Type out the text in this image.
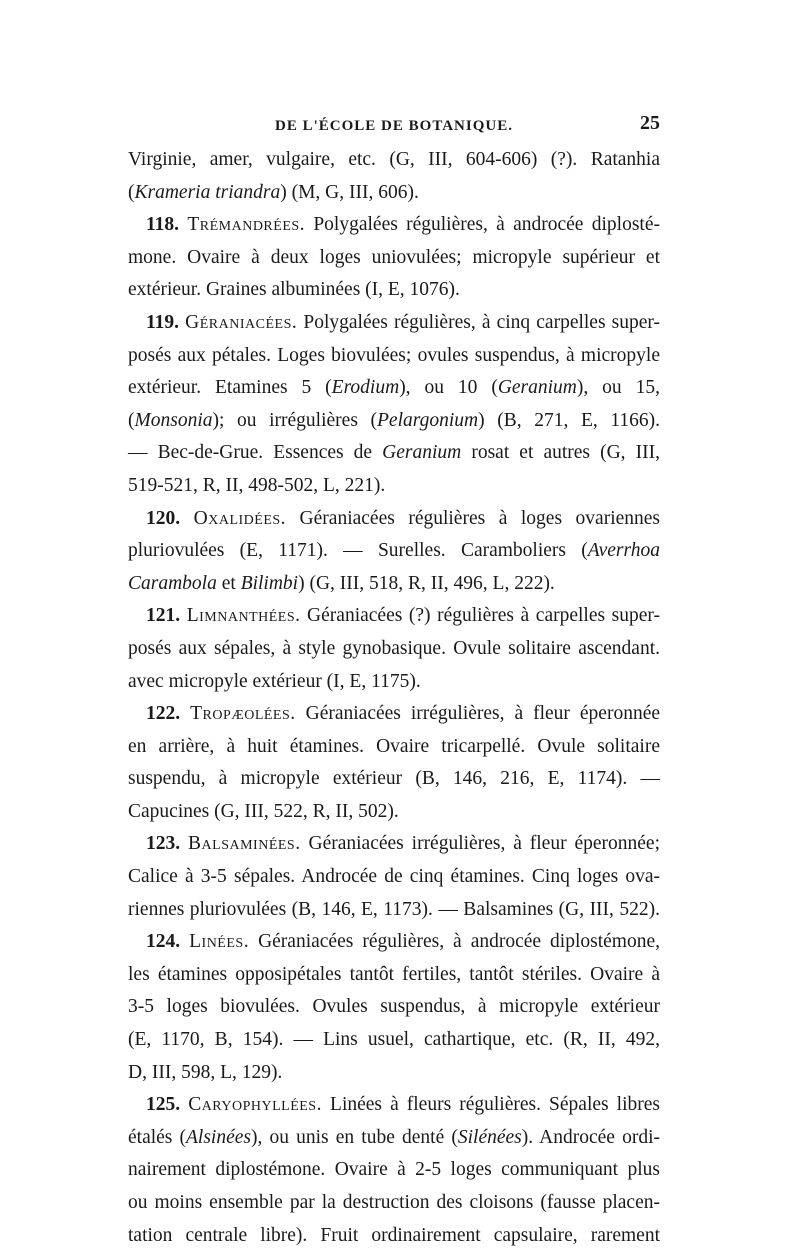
DE L'ÉCOLE DE BOTANIQUE.	25
Virginie, amer, vulgaire, etc. (G, III, 604-606) (?). Ratanhia
(Krameria triandra) (M, G, III, 606).
118. Trémandrées. Polygalées régulières, à androcée diplosté-
mone. Ovaire à deux loges uniovulées; micropyle supérieur et
extérieur. Graines albuminées (I, E, 1076).
119. Géraniacées. Polygalées régulières, à cinq carpelles super-
posés aux pétales. Loges biovulées; ovules suspendus, à micropyle
extérieur. Etamines 5 (Erodium), ou 10 (Geranium), ou 15,
(Monsonia); ou irrégulières (Pelargonium) (B, 271, E, 1166).
— Bec-de-Grue. Essences de Geranium rosat et autres (G, III,
519-521, R, II, 498-502, L, 221).
120. Oxalidées. Géraniacées régulières à loges ovariennes
pluriovulées (E, 1171). — Surelles. Caramboliers (Averrhoa
Carambola et Bilimbi) (G, III, 518, R, II, 496, L, 222).
121. Limnanthées. Géraniacées (?) régulières à carpelles super-
posés aux sépales, à style gynobasique. Ovule solitaire ascendant.
avec micropyle extérieur (I, E, 1175).
122. Tropæolées. Géraniacées irrégulières, à fleur éperonnée
en arrière, à huit étamines. Ovaire tricarpellé. Ovule solitaire
suspendu, à micropyle extérieur (B, 146, 216, E, 1174). —
Capucines (G, III, 522, R, II, 502).
123. Balsaminées. Géraniacées irrégulières, à fleur éperonnée;
Calice à 3-5 sépales. Androcée de cinq étamines. Cinq loges ova-
riennes pluriovulées (B, 146, E, 1173). — Balsamines (G, III, 522).
124. Linées. Géraniacées régulières, à androcée diplostémone,
les étamines opposipétales tantôt fertiles, tantôt stériles. Ovaire à
3-5 loges biovulées. Ovules suspendus, à micropyle extérieur
(E, 1170, B, 154). — Lins usuel, cathartique, etc. (R, II, 492,
D, III, 598, L, 129).
125. Caryophyllées. Linées à fleurs régulières. Sépales libres
étalés (Alsinées), ou unis en tube denté (Silénées). Androcée ordi-
nairement diplostémone. Ovaire à 2-5 loges communiquant plus
ou moins ensemble par la destruction des cloisons (fausse placen-
tation centrale libre). Fruit ordinairement capsulaire, rarement
